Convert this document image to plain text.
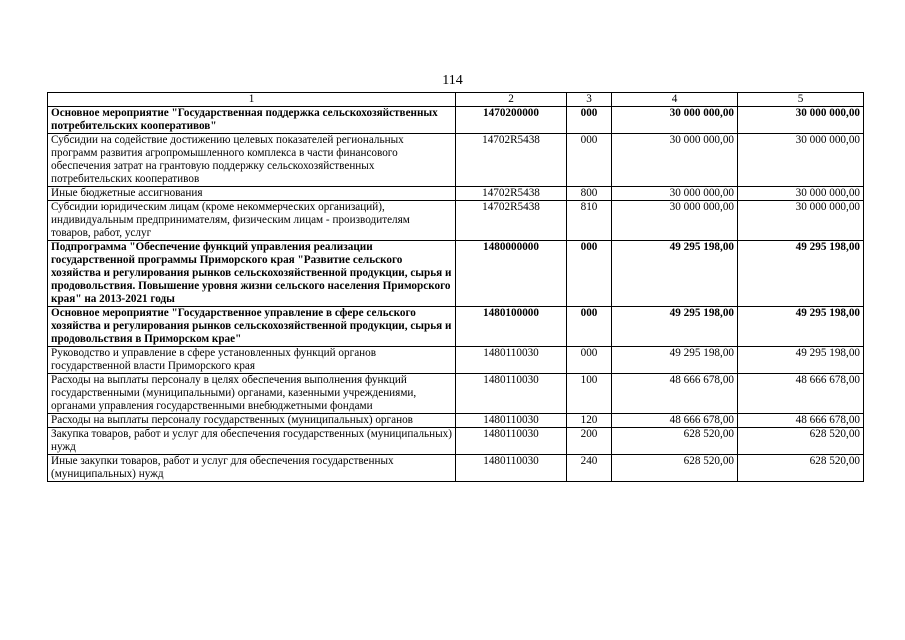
114
1	2	3	4	5
Основное мероприятие "Государственная поддержка сельскохозяйственных потребительских кооперативов"	1470200000	000	30 000 000,00	30 000 000,00
Субсидии на содействие достижению целевых показателей региональных программ развития агропромышленного комплекса в части финансового обеспечения затрат на грантовую поддержку сельскохозяйственных потребительских кооперативов	14702R5438	000	30 000 000,00	30 000 000,00
Иные бюджетные ассигнования	14702R5438	800	30 000 000,00	30 000 000,00
Субсидии юридическим лицам (кроме некоммерческих организаций), индивидуальным предпринимателям, физическим лицам - производителям товаров, работ, услуг	14702R5438	810	30 000 000,00	30 000 000,00
Подпрограмма "Обеспечение функций управления реализации государственной программы Приморского края "Развитие сельского хозяйства и регулирования рынков сельскохозяйственной продукции, сырья и продовольствия. Повышение уровня жизни сельского населения Приморского края" на 2013-2021 годы	1480000000	000	49 295 198,00	49 295 198,00
Основное мероприятие "Государственное управление в сфере сельского хозяйства и регулирования рынков сельскохозяйственной продукции, сырья и продовольствия в Приморском крае"	1480100000	000	49 295 198,00	49 295 198,00
Руководство и управление в сфере установленных функций органов государственной власти Приморского края	1480110030	000	49 295 198,00	49 295 198,00
Расходы на выплаты персоналу в целях обеспечения выполнения функций государственными (муниципальными) органами, казенными учреждениями, органами управления государственными внебюджетными фондами	1480110030	100	48 666 678,00	48 666 678,00
Расходы на выплаты персоналу государственных (муниципальных) органов	1480110030	120	48 666 678,00	48 666 678,00
Закупка товаров, работ и услуг для обеспечения государственных (муниципальных) нужд	1480110030	200	628 520,00	628 520,00
Иные закупки товаров, работ и услуг для обеспечения государственных (муниципальных) нужд	1480110030	240	628 520,00	628 520,00
